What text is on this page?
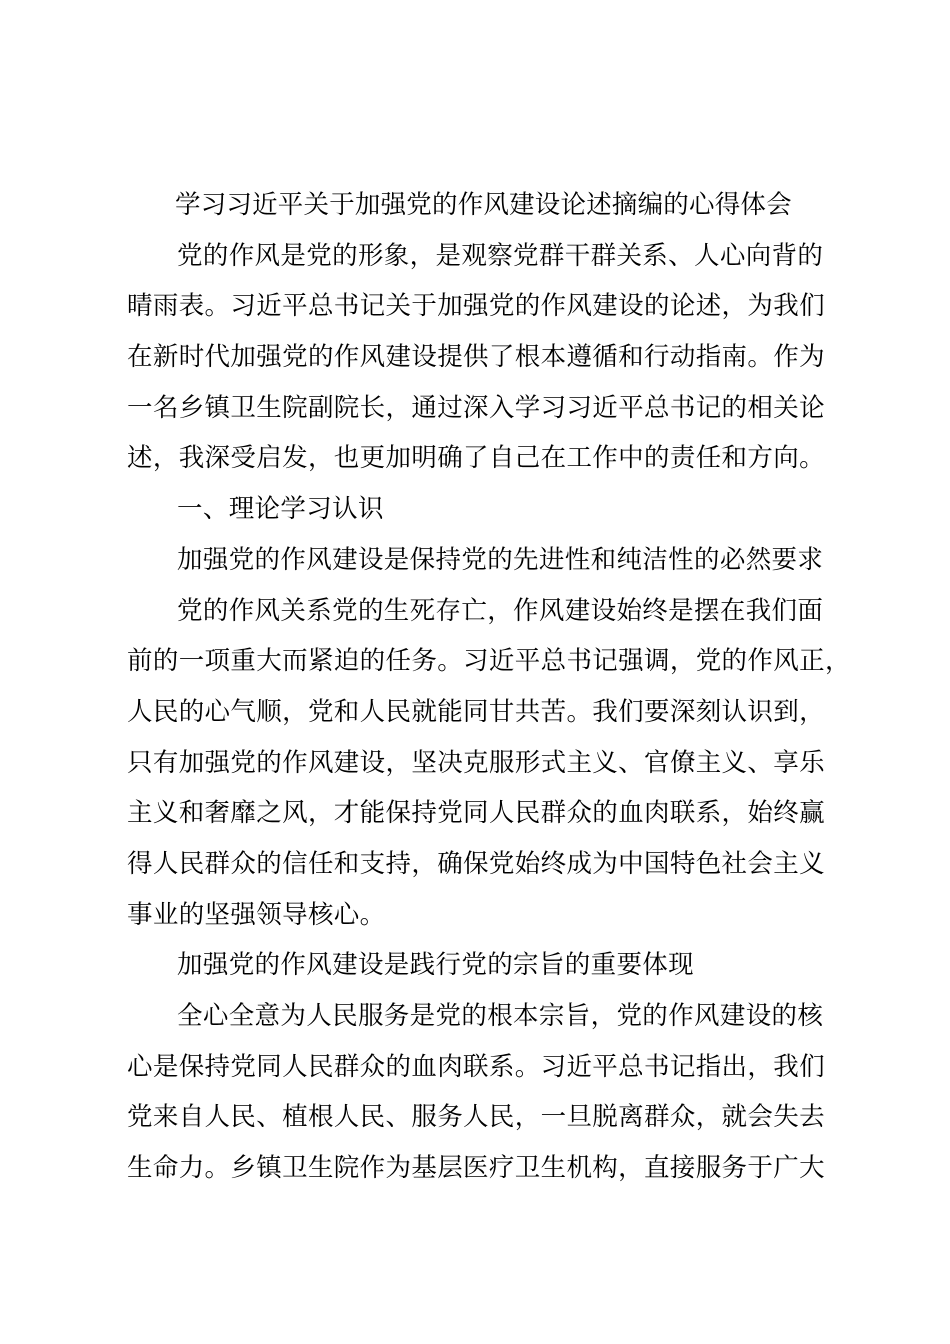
学习习近平关于加强党的作风建设论述摘编的心得体会
党的作风是党的形象，是观察党群干群关系、人心向背的
晴雨表。习近平总书记关于加强党的作风建设的论述，为我们
在新时代加强党的作风建设提供了根本遵循和行动指南。作为
一名乡镇卫生院副院长，通过深入学习习近平总书记的相关论
述，我深受启发，也更加明确了自己在工作中的责任和方向。
一、理论学习认识
加强党的作风建设是保持党的先进性和纯洁性的必然要求
党的作风关系党的生死存亡，作风建设始终是摆在我们面
前的一项重大而紧迫的任务。习近平总书记强调，党的作风正，
人民的心气顺，党和人民就能同甘共苦。我们要深刻认识到，
只有加强党的作风建设，坚决克服形式主义、官僚主义、享乐
主义和奢靡之风，才能保持党同人民群众的血肉联系，始终赢
得人民群众的信任和支持，确保党始终成为中国特色社会主义
事业的坚强领导核心。
加强党的作风建设是践行党的宗旨的重要体现
全心全意为人民服务是党的根本宗旨，党的作风建设的核
心是保持党同人民群众的血肉联系。习近平总书记指出，我们
党来自人民、植根人民、服务人民，一旦脱离群众，就会失去
生命力。乡镇卫生院作为基层医疗卫生机构，直接服务于广大
